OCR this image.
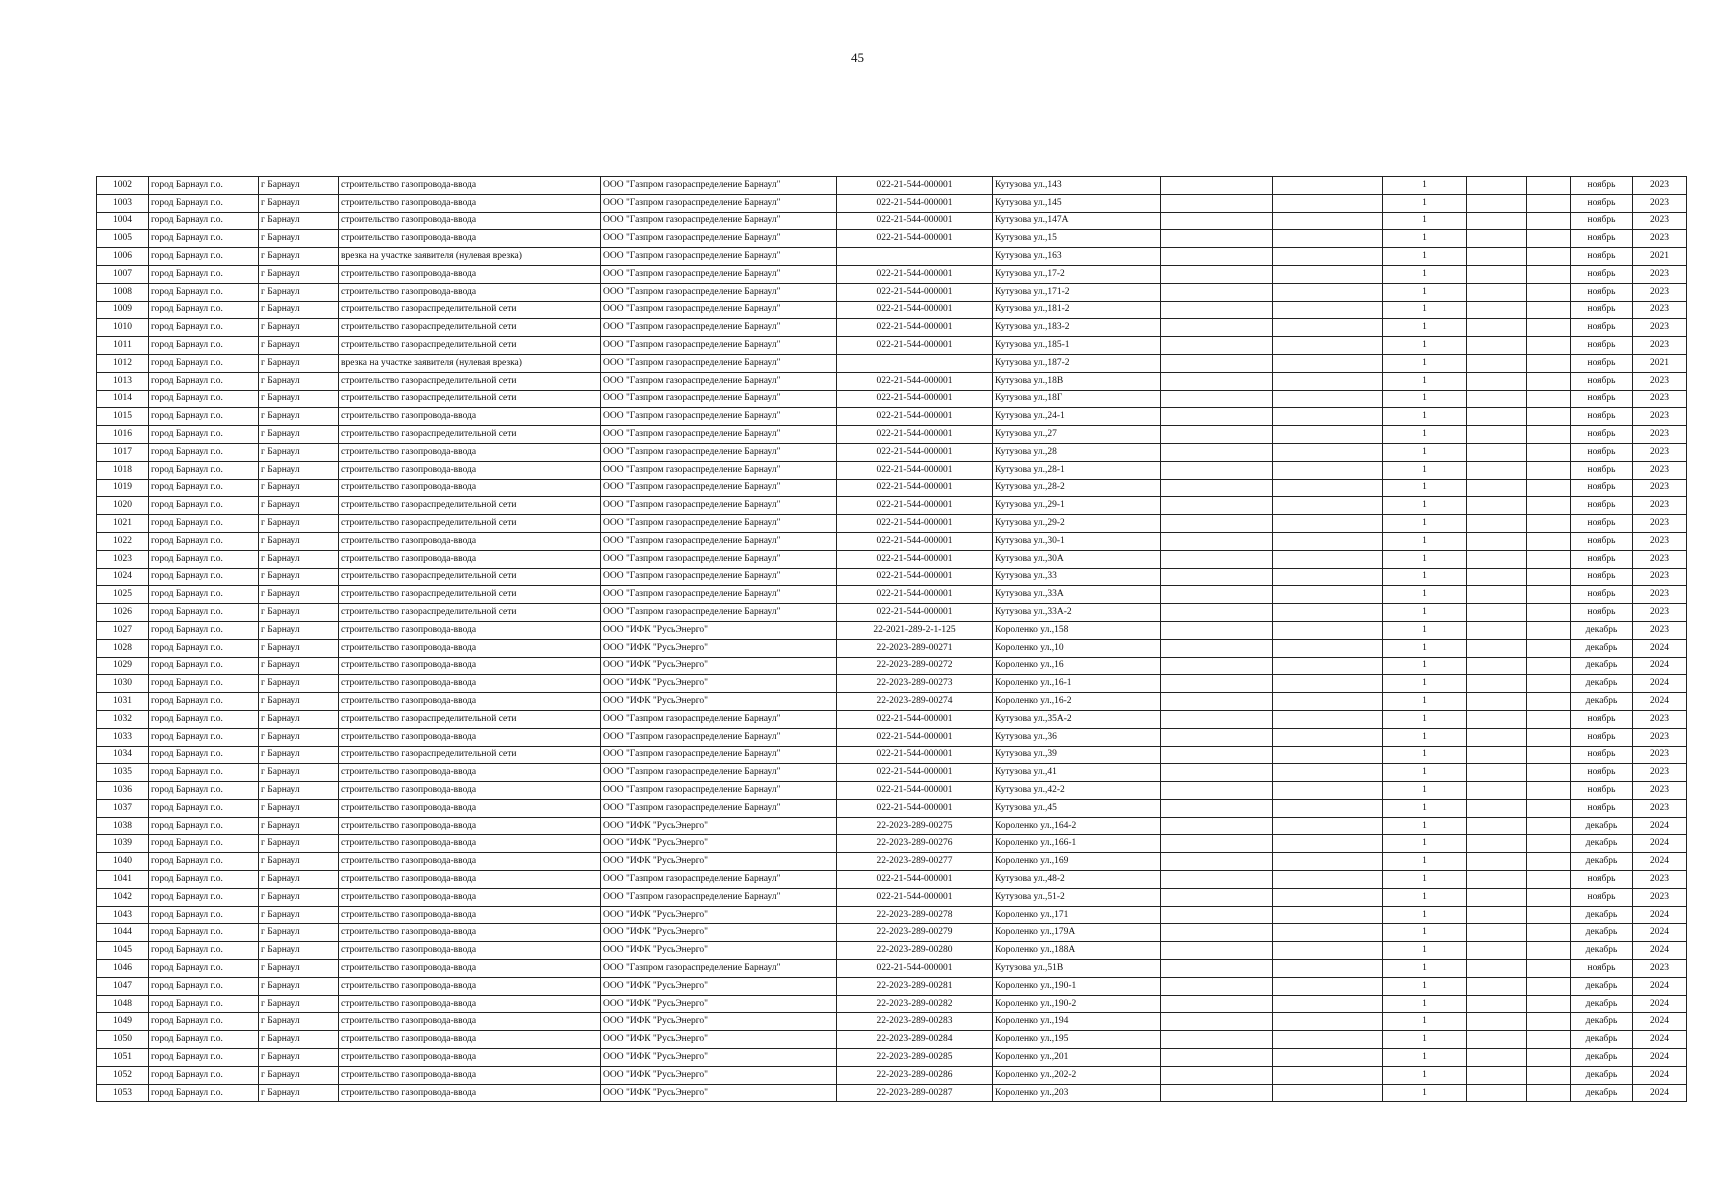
45
1002	город Барнаул г.о.	г Барнаул	строительство газопровода-ввода	ООО "Газпром газораспределение Барнаул"	022-21-544-000001	Кутузова ул.,143			1			ноябрь	2023
1003	город Барнаул г.о.	г Барнаул	строительство газопровода-ввода	ООО "Газпром газораспределение Барнаул"	022-21-544-000001	Кутузова ул.,145			1			ноябрь	2023
1004	город Барнаул г.о.	г Барнаул	строительство газопровода-ввода	ООО "Газпром газораспределение Барнаул"	022-21-544-000001	Кутузова ул.,147А			1			ноябрь	2023
1005	город Барнаул г.о.	г Барнаул	строительство газопровода-ввода	ООО "Газпром газораспределение Барнаул"	022-21-544-000001	Кутузова ул.,15			1			ноябрь	2023
1006	город Барнаул г.о.	г Барнаул	врезка на участке заявителя (нулевая врезка)	ООО "Газпром газораспределение Барнаул"		Кутузова ул.,163			1			ноябрь	2021
1007	город Барнаул г.о.	г Барнаул	строительство газопровода-ввода	ООО "Газпром газораспределение Барнаул"	022-21-544-000001	Кутузова ул.,17-2			1			ноябрь	2023
1008	город Барнаул г.о.	г Барнаул	строительство газопровода-ввода	ООО "Газпром газораспределение Барнаул"	022-21-544-000001	Кутузова ул.,171-2			1			ноябрь	2023
1009	город Барнаул г.о.	г Барнаул	строительство газораспределительной сети	ООО "Газпром газораспределение Барнаул"	022-21-544-000001	Кутузова ул.,181-2			1			ноябрь	2023
1010	город Барнаул г.о.	г Барнаул	строительство газораспределительной сети	ООО "Газпром газораспределение Барнаул"	022-21-544-000001	Кутузова ул.,183-2			1			ноябрь	2023
1011	город Барнаул г.о.	г Барнаул	строительство газораспределительной сети	ООО "Газпром газораспределение Барнаул"	022-21-544-000001	Кутузова ул.,185-1			1			ноябрь	2023
1012	город Барнаул г.о.	г Барнаул	врезка на участке заявителя (нулевая врезка)	ООО "Газпром газораспределение Барнаул"		Кутузова ул.,187-2			1			ноябрь	2021
1013	город Барнаул г.о.	г Барнаул	строительство газораспределительной сети	ООО "Газпром газораспределение Барнаул"	022-21-544-000001	Кутузова ул.,18В			1			ноябрь	2023
1014	город Барнаул г.о.	г Барнаул	строительство газораспределительной сети	ООО "Газпром газораспределение Барнаул"	022-21-544-000001	Кутузова ул.,18Г			1			ноябрь	2023
1015	город Барнаул г.о.	г Барнаул	строительство газопровода-ввода	ООО "Газпром газораспределение Барнаул"	022-21-544-000001	Кутузова ул.,24-1			1			ноябрь	2023
1016	город Барнаул г.о.	г Барнаул	строительство газораспределительной сети	ООО "Газпром газораспределение Барнаул"	022-21-544-000001	Кутузова ул.,27			1			ноябрь	2023
1017	город Барнаул г.о.	г Барнаул	строительство газопровода-ввода	ООО "Газпром газораспределение Барнаул"	022-21-544-000001	Кутузова ул.,28			1			ноябрь	2023
1018	город Барнаул г.о.	г Барнаул	строительство газопровода-ввода	ООО "Газпром газораспределение Барнаул"	022-21-544-000001	Кутузова ул.,28-1			1			ноябрь	2023
1019	город Барнаул г.о.	г Барнаул	строительство газопровода-ввода	ООО "Газпром газораспределение Барнаул"	022-21-544-000001	Кутузова ул.,28-2			1			ноябрь	2023
1020	город Барнаул г.о.	г Барнаул	строительство газораспределительной сети	ООО "Газпром газораспределение Барнаул"	022-21-544-000001	Кутузова ул.,29-1			1			ноябрь	2023
1021	город Барнаул г.о.	г Барнаул	строительство газораспределительной сети	ООО "Газпром газораспределение Барнаул"	022-21-544-000001	Кутузова ул.,29-2			1			ноябрь	2023
1022	город Барнаул г.о.	г Барнаул	строительство газопровода-ввода	ООО "Газпром газораспределение Барнаул"	022-21-544-000001	Кутузова ул.,30-1			1			ноябрь	2023
1023	город Барнаул г.о.	г Барнаул	строительство газопровода-ввода	ООО "Газпром газораспределение Барнаул"	022-21-544-000001	Кутузова ул.,30А			1			ноябрь	2023
1024	город Барнаул г.о.	г Барнаул	строительство газораспределительной сети	ООО "Газпром газораспределение Барнаул"	022-21-544-000001	Кутузова ул.,33			1			ноябрь	2023
1025	город Барнаул г.о.	г Барнаул	строительство газораспределительной сети	ООО "Газпром газораспределение Барнаул"	022-21-544-000001	Кутузова ул.,33А			1			ноябрь	2023
1026	город Барнаул г.о.	г Барнаул	строительство газораспределительной сети	ООО "Газпром газораспределение Барнаул"	022-21-544-000001	Кутузова ул.,33А-2			1			ноябрь	2023
1027	город Барнаул г.о.	г Барнаул	строительство газопровода-ввода	ООО "ИФК "РусьЭнерго"	22-2021-289-2-1-125	Короленко ул.,158			1			декабрь	2023
1028	город Барнаул г.о.	г Барнаул	строительство газопровода-ввода	ООО "ИФК "РусьЭнерго"	22-2023-289-00271	Короленко ул.,10			1			декабрь	2024
1029	город Барнаул г.о.	г Барнаул	строительство газопровода-ввода	ООО "ИФК "РусьЭнерго"	22-2023-289-00272	Короленко ул.,16			1			декабрь	2024
1030	город Барнаул г.о.	г Барнаул	строительство газопровода-ввода	ООО "ИФК "РусьЭнерго"	22-2023-289-00273	Короленко ул.,16-1			1			декабрь	2024
1031	город Барнаул г.о.	г Барнаул	строительство газопровода-ввода	ООО "ИФК "РусьЭнерго"	22-2023-289-00274	Короленко ул.,16-2			1			декабрь	2024
1032	город Барнаул г.о.	г Барнаул	строительство газораспределительной сети	ООО "Газпром газораспределение Барнаул"	022-21-544-000001	Кутузова ул.,35А-2			1			ноябрь	2023
1033	город Барнаул г.о.	г Барнаул	строительство газопровода-ввода	ООО "Газпром газораспределение Барнаул"	022-21-544-000001	Кутузова ул.,36			1			ноябрь	2023
1034	город Барнаул г.о.	г Барнаул	строительство газораспределительной сети	ООО "Газпром газораспределение Барнаул"	022-21-544-000001	Кутузова ул.,39			1			ноябрь	2023
1035	город Барнаул г.о.	г Барнаул	строительство газопровода-ввода	ООО "Газпром газораспределение Барнаул"	022-21-544-000001	Кутузова ул.,41			1			ноябрь	2023
1036	город Барнаул г.о.	г Барнаул	строительство газопровода-ввода	ООО "Газпром газораспределение Барнаул"	022-21-544-000001	Кутузова ул.,42-2			1			ноябрь	2023
1037	город Барнаул г.о.	г Барнаул	строительство газопровода-ввода	ООО "Газпром газораспределение Барнаул"	022-21-544-000001	Кутузова ул.,45			1			ноябрь	2023
1038	город Барнаул г.о.	г Барнаул	строительство газопровода-ввода	ООО "ИФК "РусьЭнерго"	22-2023-289-00275	Короленко ул.,164-2			1			декабрь	2024
1039	город Барнаул г.о.	г Барнаул	строительство газопровода-ввода	ООО "ИФК "РусьЭнерго"	22-2023-289-00276	Короленко ул.,166-1			1			декабрь	2024
1040	город Барнаул г.о.	г Барнаул	строительство газопровода-ввода	ООО "ИФК "РусьЭнерго"	22-2023-289-00277	Короленко ул.,169			1			декабрь	2024
1041	город Барнаул г.о.	г Барнаул	строительство газопровода-ввода	ООО "Газпром газораспределение Барнаул"	022-21-544-000001	Кутузова ул.,48-2			1			ноябрь	2023
1042	город Барнаул г.о.	г Барнаул	строительство газопровода-ввода	ООО "Газпром газораспределение Барнаул"	022-21-544-000001	Кутузова ул.,51-2			1			ноябрь	2023
1043	город Барнаул г.о.	г Барнаул	строительство газопровода-ввода	ООО "ИФК "РусьЭнерго"	22-2023-289-00278	Короленко ул.,171			1			декабрь	2024
1044	город Барнаул г.о.	г Барнаул	строительство газопровода-ввода	ООО "ИФК "РусьЭнерго"	22-2023-289-00279	Короленко ул.,179А			1			декабрь	2024
1045	город Барнаул г.о.	г Барнаул	строительство газопровода-ввода	ООО "ИФК "РусьЭнерго"	22-2023-289-00280	Короленко ул.,188А			1			декабрь	2024
1046	город Барнаул г.о.	г Барнаул	строительство газопровода-ввода	ООО "Газпром газораспределение Барнаул"	022-21-544-000001	Кутузова ул.,51В			1			ноябрь	2023
1047	город Барнаул г.о.	г Барнаул	строительство газопровода-ввода	ООО "ИФК "РусьЭнерго"	22-2023-289-00281	Короленко ул.,190-1			1			декабрь	2024
1048	город Барнаул г.о.	г Барнаул	строительство газопровода-ввода	ООО "ИФК "РусьЭнерго"	22-2023-289-00282	Короленко ул.,190-2			1			декабрь	2024
1049	город Барнаул г.о.	г Барнаул	строительство газопровода-ввода	ООО "ИФК "РусьЭнерго"	22-2023-289-00283	Короленко ул.,194			1			декабрь	2024
1050	город Барнаул г.о.	г Барнаул	строительство газопровода-ввода	ООО "ИФК "РусьЭнерго"	22-2023-289-00284	Короленко ул.,195			1			декабрь	2024
1051	город Барнаул г.о.	г Барнаул	строительство газопровода-ввода	ООО "ИФК "РусьЭнерго"	22-2023-289-00285	Короленко ул.,201			1			декабрь	2024
1052	город Барнаул г.о.	г Барнаул	строительство газопровода-ввода	ООО "ИФК "РусьЭнерго"	22-2023-289-00286	Короленко ул.,202-2			1			декабрь	2024
1053	город Барнаул г.о.	г Барнаул	строительство газопровода-ввода	ООО "ИФК "РусьЭнерго"	22-2023-289-00287	Короленко ул.,203			1			декабрь	2024
